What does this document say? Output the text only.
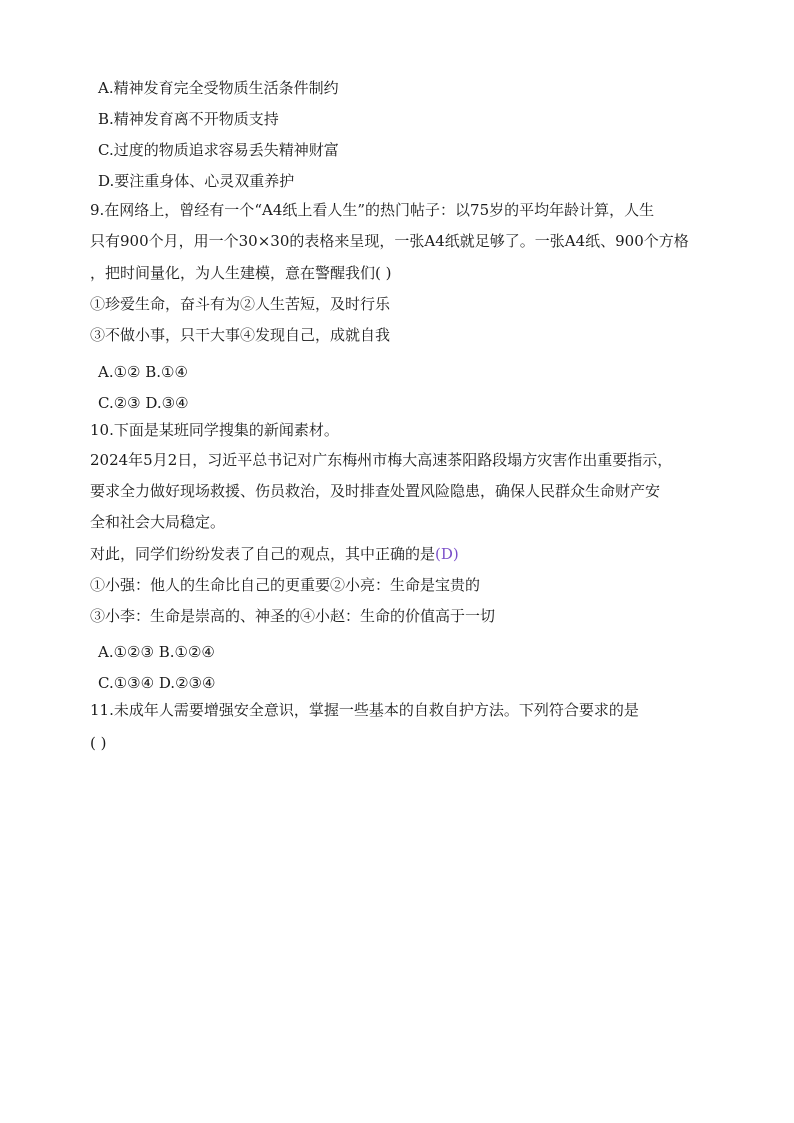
A.精神发育完全受物质生活条件制约
B.精神发育离不开物质支持
C.过度的物质追求容易丢失精神财富
D.要注重身体、心灵双重养护
9.在网络上，曾经有一个“A4纸上看人生”的热门帖子：以75岁的平均年龄计算，人生
只有900个月，用一个30×30的表格来呈现，一张A4纸就足够了。一张A4纸、900个方格
，把时间量化，为人生建模，意在警醒我们( )
①珍爱生命，奋斗有为②人生苦短，及时行乐
③不做小事，只干大事④发现自己，成就自我
A.①② B.①④
C.②③ D.③④
10.下面是某班同学搜集的新闻素材。
2024年5月2日，习近平总书记对广东梅州市梅大高速茶阳路段塌方灾害作出重要指示，
要求全力做好现场救援、伤员救治，及时排查处置风险隐患，确保人民群众生命财产安
全和社会大局稳定。
对此，同学们纷纷发表了自己的观点，其中正确的是(D)
①小强：他人的生命比自己的更重要②小亮：生命是宝贵的
③小李：生命是崇高的、神圣的④小赵：生命的价值高于一切
A.①②③ B.①②④
C.①③④ D.②③④
11.未成年人需要增强安全意识，掌握一些基本的自救自护方法。下列符合要求的是
( )
